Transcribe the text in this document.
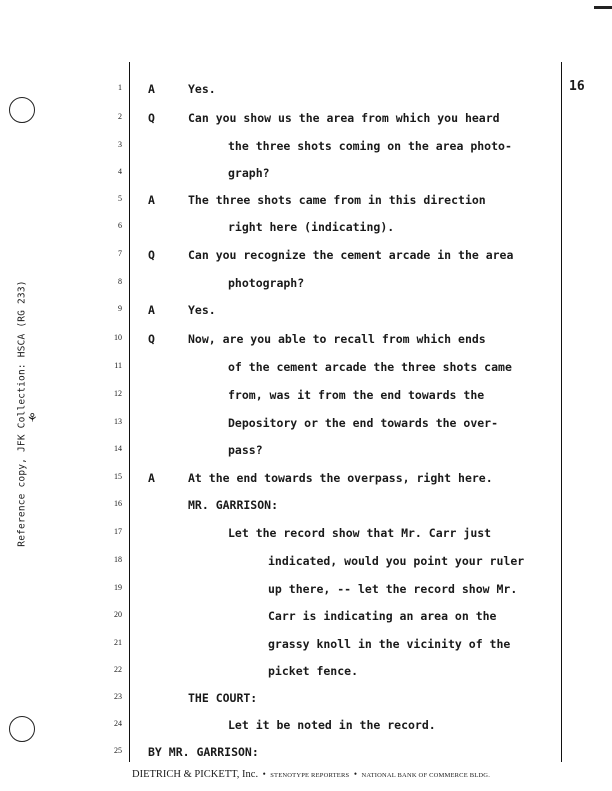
16
Reference copy, JFK Collection: HSCA (RG 233) ⚘
1 A	Yes.
2 Q	Can you show us the area from which you heard
3	the three shots coming on the area photo-
4	graph?
5 A	The three shots came from in this direction
6	right here (indicating).
7 Q	Can you recognize the cement arcade in the area
8	photograph?
9 A	Yes.
10 Q	Now, are you able to recall from which ends
11	of the cement arcade the three shots came
12	from, was it from the end towards the
13	Depository or the end towards the over-
14	pass?
15 A	At the end towards the overpass, right here.
16	MR. GARRISON:
17	Let the record show that Mr. Carr just
18	indicated, would you point your ruler
19	up there, -- let the record show Mr.
20	Carr is indicating an area on the
21	grassy knoll in the vicinity of the
22	picket fence.
23	THE COURT:
24	Let it be noted in the record.
25 BY MR. GARRISON:
DIETRICH & PICKETT, Inc. • STENOTYPE REPORTERS • NATIONAL BANK OF COMMERCE BLDG.
